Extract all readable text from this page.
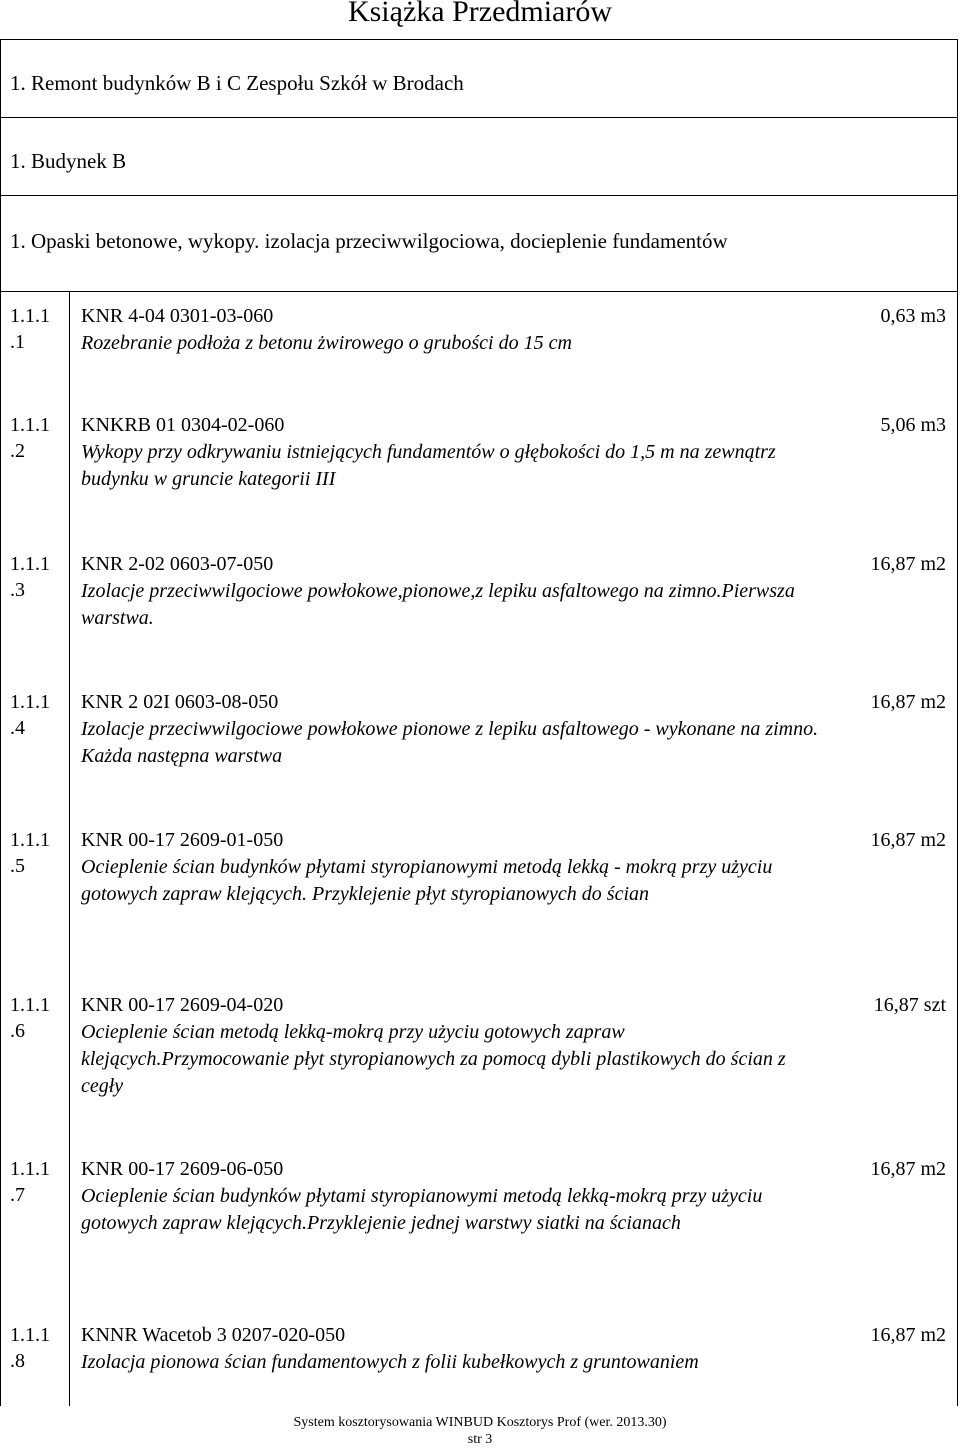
Książka Przedmiarów
1. Remont budynków B i C Zespołu Szkół w Brodach
1. Budynek B
1. Opaski betonowe, wykopy. izolacja przeciwwilgociowa, docieplenie fundamentów
1.1.1
.1
KNR 4-04 0301-03-060
Rozebranie podłoża z betonu żwirowego o grubości do 15 cm
0,63 m3
1.1.1
.2
KNKRB 01 0304-02-060
Wykopy przy odkrywaniu istniejących fundamentów o głębokości do 1,5 m na zewnątrz budynku w gruncie kategorii III
5,06 m3
1.1.1
.3
KNR 2-02 0603-07-050
Izolacje przeciwwilgociowe powłokowe,pionowe,z lepiku asfaltowego na zimno.Pierwsza warstwa.
16,87 m2
1.1.1
.4
KNR 2 02I 0603-08-050
Izolacje przeciwwilgociowe powłokowe pionowe z lepiku asfaltowego - wykonane na zimno. Każda następna warstwa
16,87 m2
1.1.1
.5
KNR 00-17 2609-01-050
Ocieplenie ścian budynków płytami styropianowymi metodą lekką - mokrą przy użyciu gotowych zapraw klejących. Przyklejenie płyt styropianowych do ścian
16,87 m2
1.1.1
.6
KNR 00-17 2609-04-020
Ocieplenie ścian metodą lekką-mokrą przy użyciu gotowych zapraw klejących.Przymocowanie płyt styropianowych za pomocą dybli plastikowych do ścian z cegły
16,87 szt
1.1.1
.7
KNR 00-17 2609-06-050
Ocieplenie ścian budynków płytami styropianowymi metodą lekką-mokrą przy użyciu gotowych zapraw klejących.Przyklejenie jednej warstwy siatki na ścianach
16,87 m2
1.1.1
.8
KNNR Wacetob 3 0207-020-050
Izolacja pionowa ścian fundamentowych z folii kubełkowych z gruntowaniem
16,87 m2
System kosztorysowania WINBUD Kosztorys Prof (wer. 2013.30)
str 3
